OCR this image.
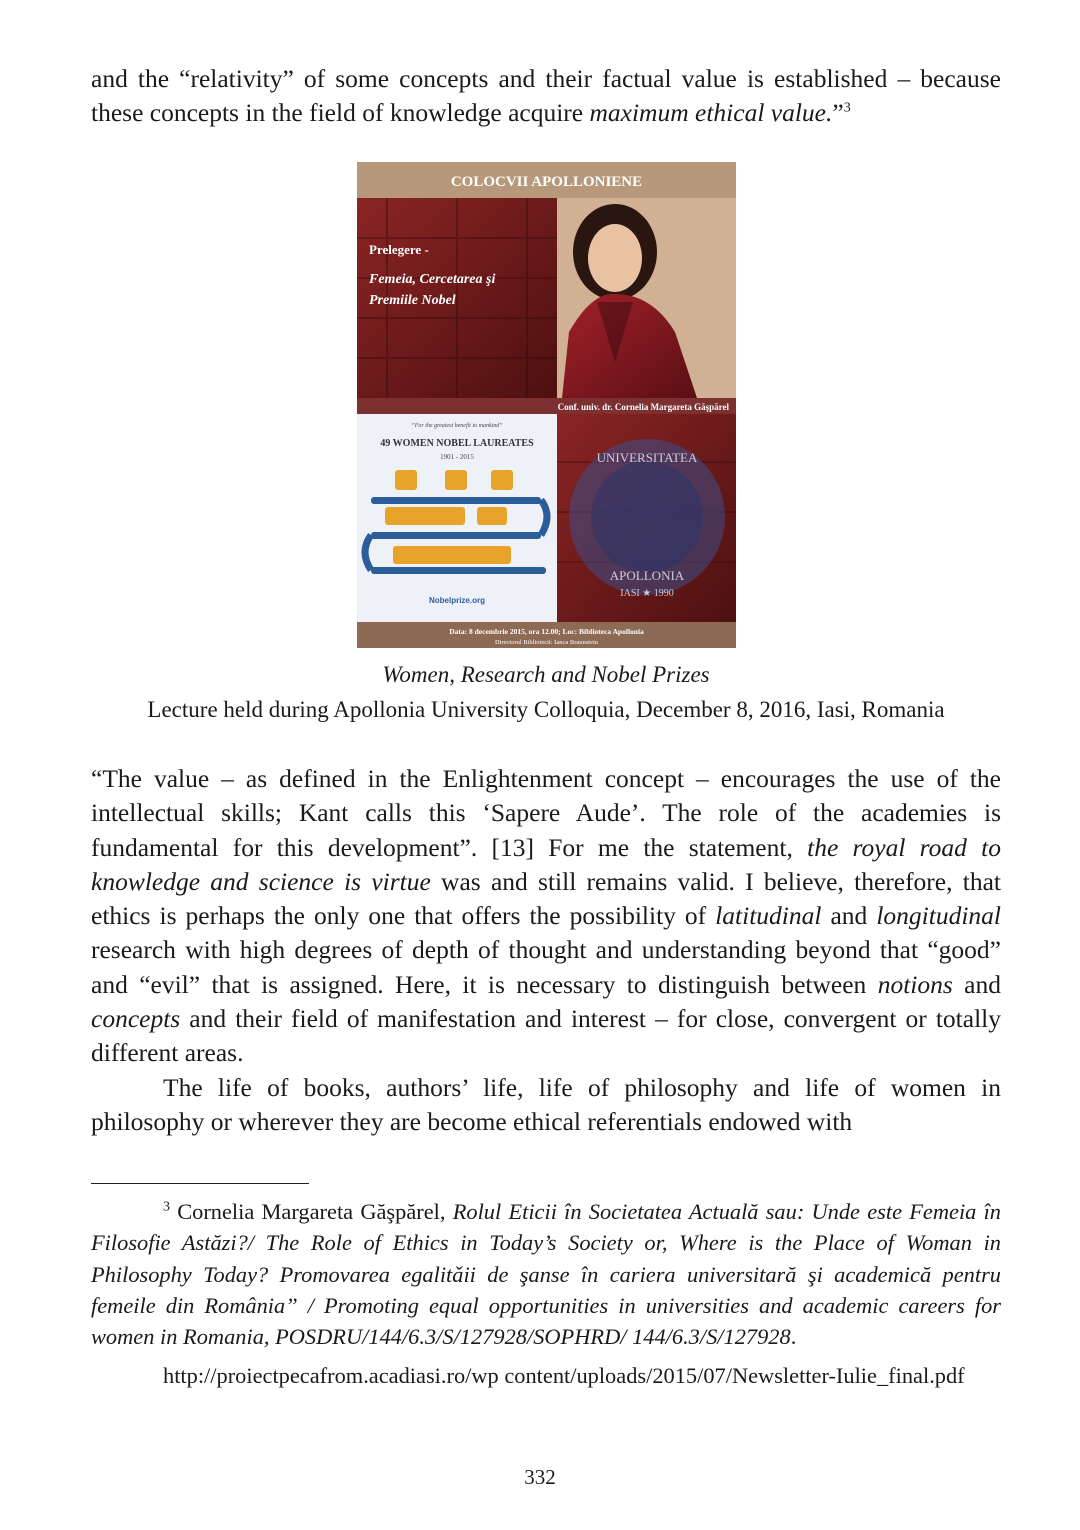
and the “relativity” of some concepts and their factual value is established – because these concepts in the field of knowledge acquire maximum ethical value.”$^3$

COLOCVII APOLLONIENE
Prelegere -
Femeia, Cercetarea şi
Premiile Nobel
Conf. univ. dr. Cornelia Margareta Găşpărel
“For the greatest benefit to mankind”
49 WOMEN NOBEL LAUREATES
1901 - 2015
Nobelprize.org
UNIVERSITATEA
APOLLONIA
IASI ★ 1990
Data: 8 decembrie 2015, ora 12.00; Loc: Biblioteca Apollonia
Directorul Bibliotecii: Ianca Braunstein
Women, Research and Nobel Prizes
Lecture held during Apollonia University Colloquia, December 8, 2016, Iasi, Romania

“The value – as defined in the Enlightenment concept – encourages the use of the intellectual skills; Kant calls this ‘Sapere Aude’. The role of the academies is fundamental for this development”. [13] For me the statement, the royal road to knowledge and science is virtue was and still remains valid. I believe, therefore, that ethics is perhaps the only one that offers the possibility of latitudinal and longitudinal research with high degrees of depth of thought and understanding beyond that “good” and “evil” that is assigned. Here, it is necessary to distinguish between notions and concepts and their field of manifestation and interest – for close, convergent or totally different areas.

The life of books, authors’ life, life of philosophy and life of women in philosophy or wherever they are become ethical referentials endowed with

$^3$ Cornelia Margareta Găşpărel, Rolul Eticii în Societatea Actuală sau: Unde este Femeia în Filosofie Astăzi?/ The Role of Ethics in Today’s Society or, Where is the Place of Woman in Philosophy Today? Promovarea egalitǎii de şanse în cariera universitară şi academică pentru femeile din România” / Promoting equal opportunities in universities and academic careers for women in Romania, POSDRU/144/6.3/S/127928/SOPHRD/ 144/6.3/S/127928.

http://proiectpecafrom.acadiasi.ro/wp content/uploads/2015/07/Newsletter-Iulie_final.pdf

332
